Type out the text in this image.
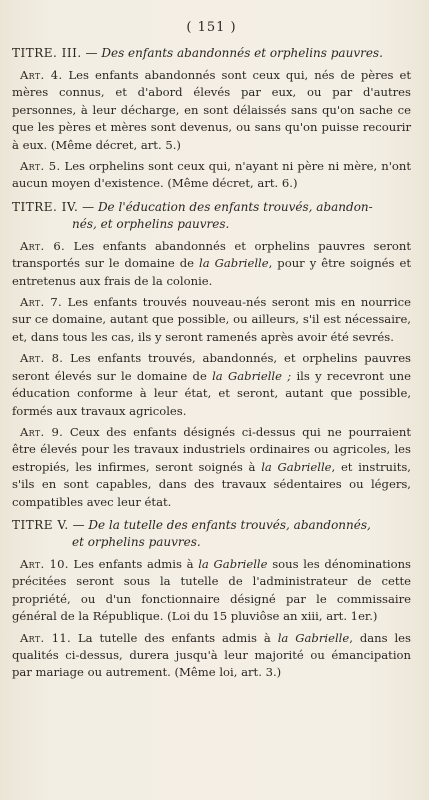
( 151 )
TITRE. III. — Des enfants abandonnés et orphelins pauvres.

Art. 4. Les enfants abandonnés sont ceux qui, nés de pères et mères connus, et d'abord élevés par eux, ou par d'autres personnes, à leur décharge, en sont délaissés sans qu'on sache ce que les pères et mères sont devenus, ou sans qu'on puisse recourir à eux. (Même décret, art. 5.)

Art. 5. Les orphelins sont ceux qui, n'ayant ni père ni mère, n'ont aucun moyen d'existence. (Même décret, art. 6.)

TITRE. IV. — De l'éducation des enfants trouvés, abandon-
nés, et orphelins pauvres.

Art. 6. Les enfants abandonnés et orphelins pauvres seront transportés sur le domaine de la Gabrielle, pour y être soignés et entretenus aux frais de la colonie.

Art. 7. Les enfants trouvés nouveau-nés seront mis en nourrice sur ce domaine, autant que possible, ou ailleurs, s'il est nécessaire, et, dans tous les cas, ils y seront ramenés après avoir été sevrés.

Art. 8. Les enfants trouvés, abandonnés, et orphelins pauvres seront élevés sur le domaine de la Gabrielle ; ils y recevront une éducation conforme à leur état, et seront, autant que possible, formés aux travaux agricoles.

Art. 9. Ceux des enfants désignés ci-dessus qui ne pourraient être élevés pour les travaux industriels ordinaires ou agricoles, les estropiés, les infirmes, seront soignés à la Gabrielle, et instruits, s'ils en sont capables, dans des travaux sédentaires ou légers, compatibles avec leur état.

TITRE V. — De la tutelle des enfants trouvés, abandonnés,
et orphelins pauvres.

Art. 10. Les enfants admis à la Gabrielle sous les dénominations précitées seront sous la tutelle de l'administrateur de cette propriété, ou d'un fonctionnaire désigné par le commissaire général de la République. (Loi du 15 pluviôse an xiii, art. 1er.)

Art. 11. La tutelle des enfants admis à la Gabrielle, dans les qualités ci-dessus, durera jusqu'à leur majorité ou émancipation par mariage ou autrement. (Même loi, art. 3.)
